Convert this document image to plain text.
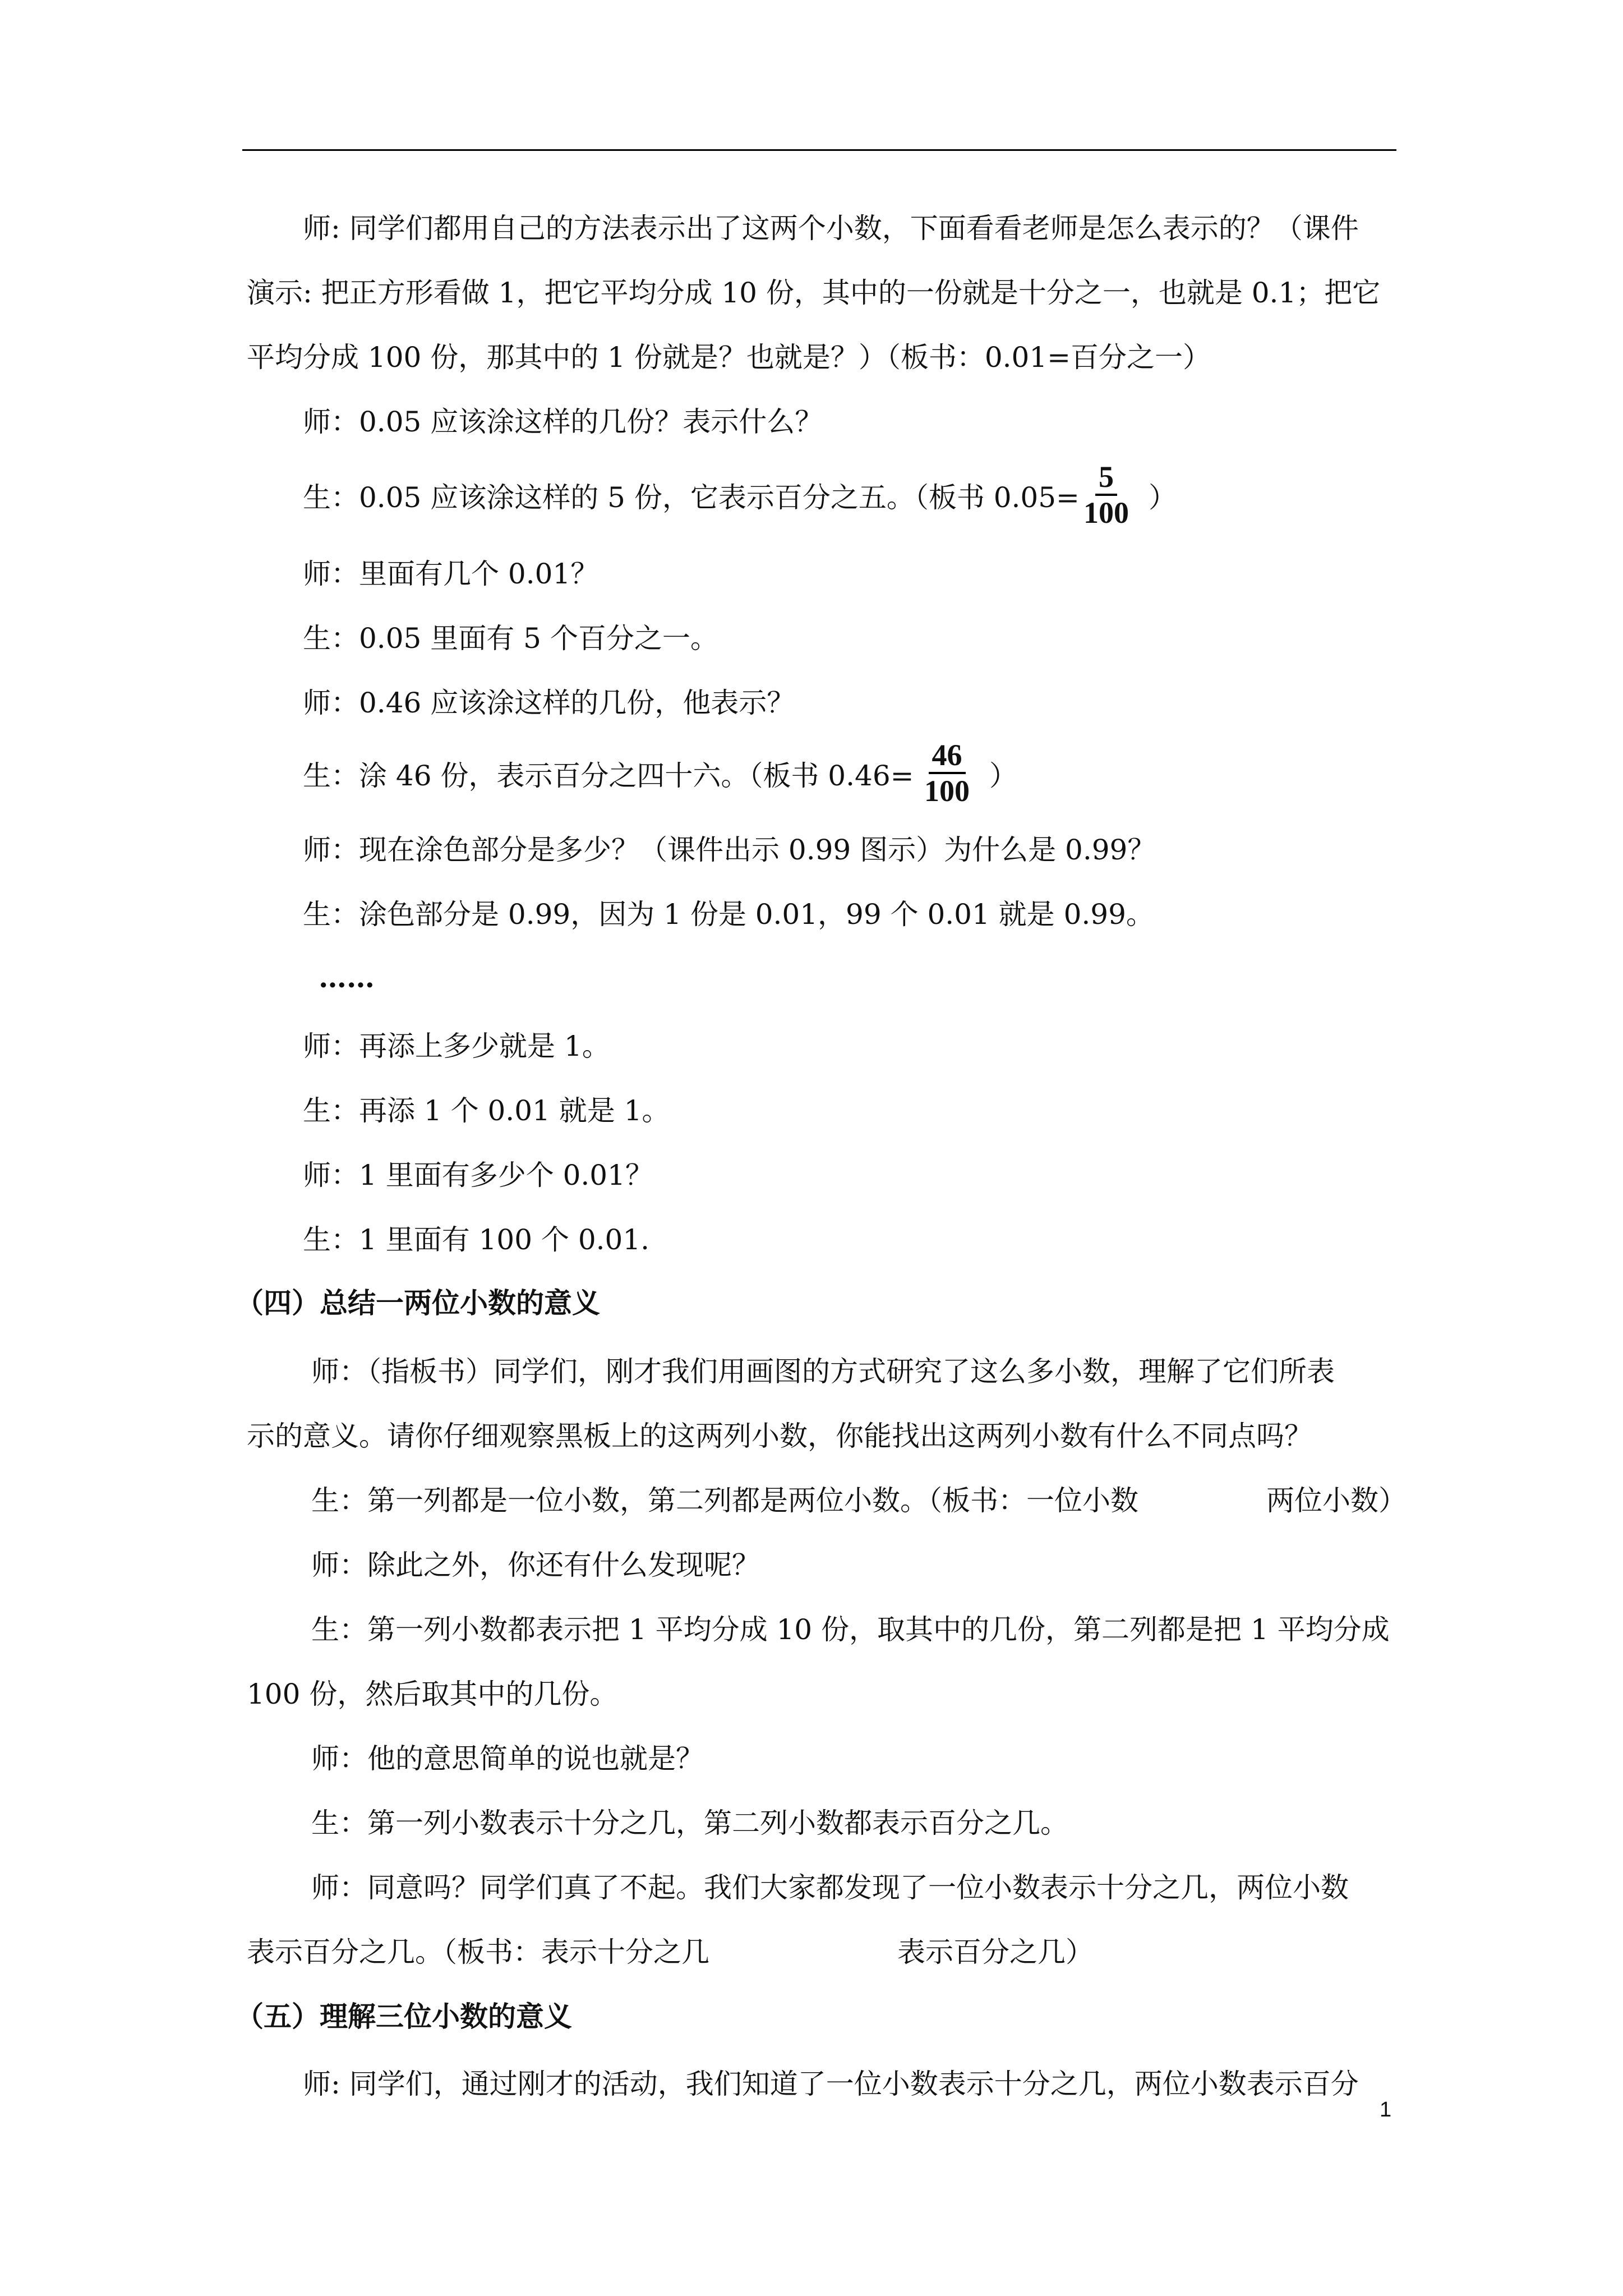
师: 同学们都用自己的方法表示出了这两个小数，下面看看老师是怎么表示的？（课件
演示: 把正方形看做 1，把它平均分成 10 份，其中的一份就是十分之一，也就是 0.1；把它
平均分成 100 份，那其中的 1 份就是？也就是？）（板书：0.01=百分之一）
师：0.05 应该涂这样的几份？表示什么？
生：0.05 应该涂这样的 5 份，它表示百分之五。（板书 $0.05= \frac{5}{100}$ ）
师：里面有几个 0.01？
生：0.05 里面有 5 个百分之一。
师：0.46 应该涂这样的几份，他表示？
生：涂 46 份，表示百分之四十六。（板书 $0.46= \frac{46}{100}$ ）
师：现在涂色部分是多少？（课件出示 0.99 图示）为什么是 0.99？
生：涂色部分是 0.99，因为 1 份是 0.01，99 个 0.01 就是 0.99。
……
师：再添上多少就是 1。
生：再添 1 个 0.01 就是 1。
师：1 里面有多少个 0.01？
生：1 里面有 100 个 0.01.
（四）总结一两位小数的意义
师：（指板书）同学们，刚才我们用画图的方式研究了这么多小数，理解了它们所表
示的意义。请你仔细观察黑板上的这两列小数，你能找出这两列小数有什么不同点吗？
生：第一列都是一位小数，第二列都是两位小数。（板书：一位小数	两位小数）
师：除此之外，你还有什么发现呢？
生：第一列小数都表示把 1 平均分成 10 份，取其中的几份，第二列都是把 1 平均分成
100 份，然后取其中的几份。
师：他的意思简单的说也就是？
生：第一列小数表示十分之几，第二列小数都表示百分之几。
师：同意吗？同学们真了不起。我们大家都发现了一位小数表示十分之几，两位小数
表示百分之几。（板书：表示十分之几	表示百分之几）
（五）理解三位小数的意义
师: 同学们，通过刚才的活动，我们知道了一位小数表示十分之几，两位小数表示百分
1
